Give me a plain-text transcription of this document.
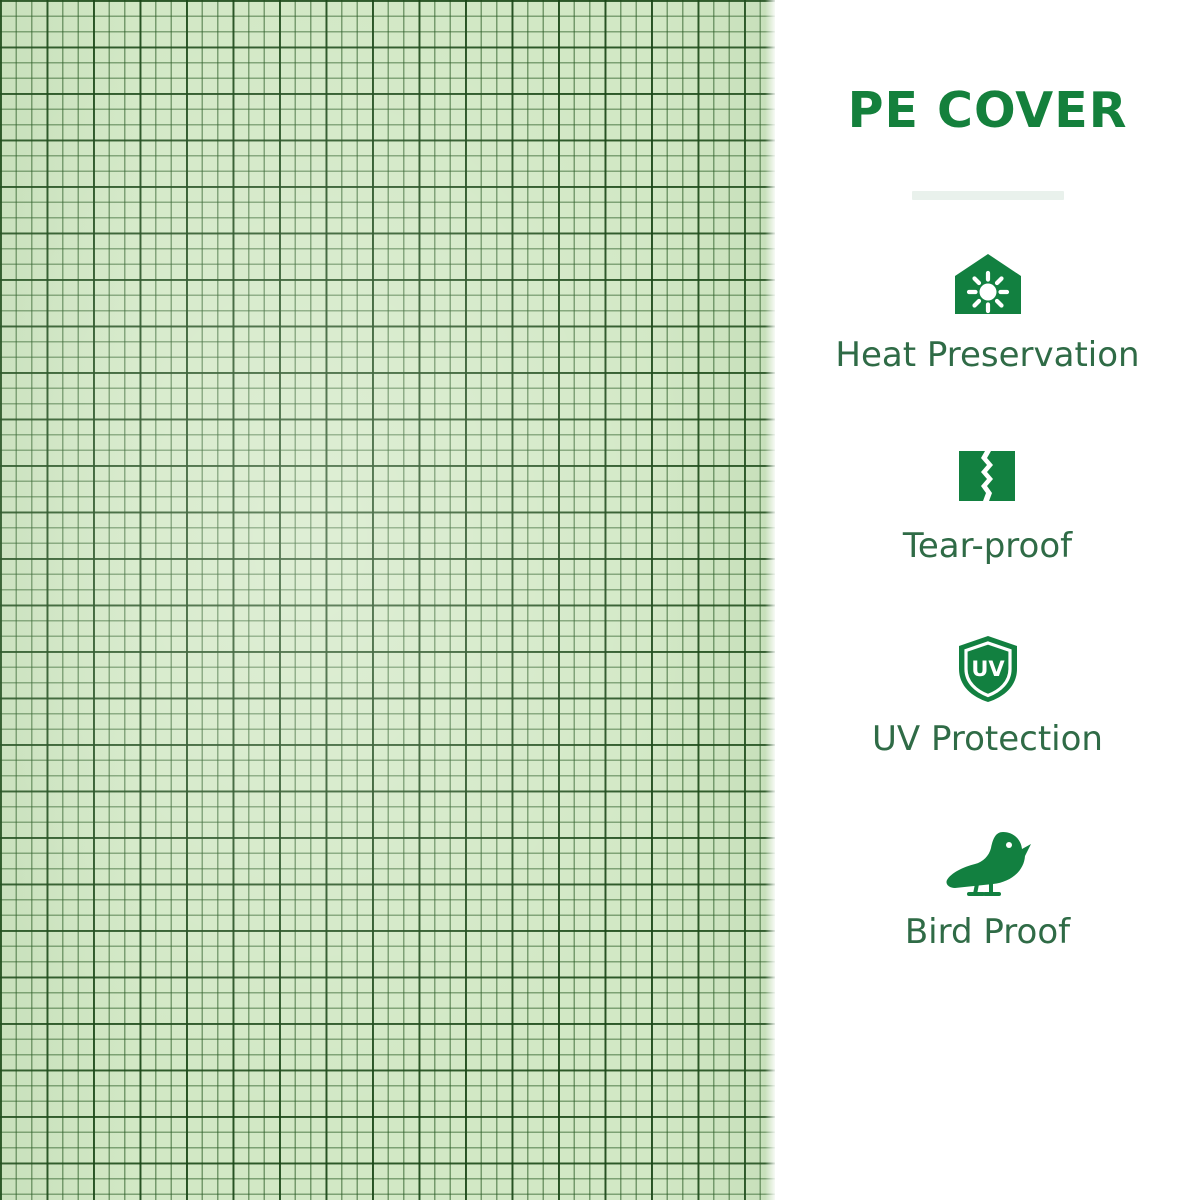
PE COVER
Heat Preservation
Tear-proof
UV
UV Protection
Bird Proof
